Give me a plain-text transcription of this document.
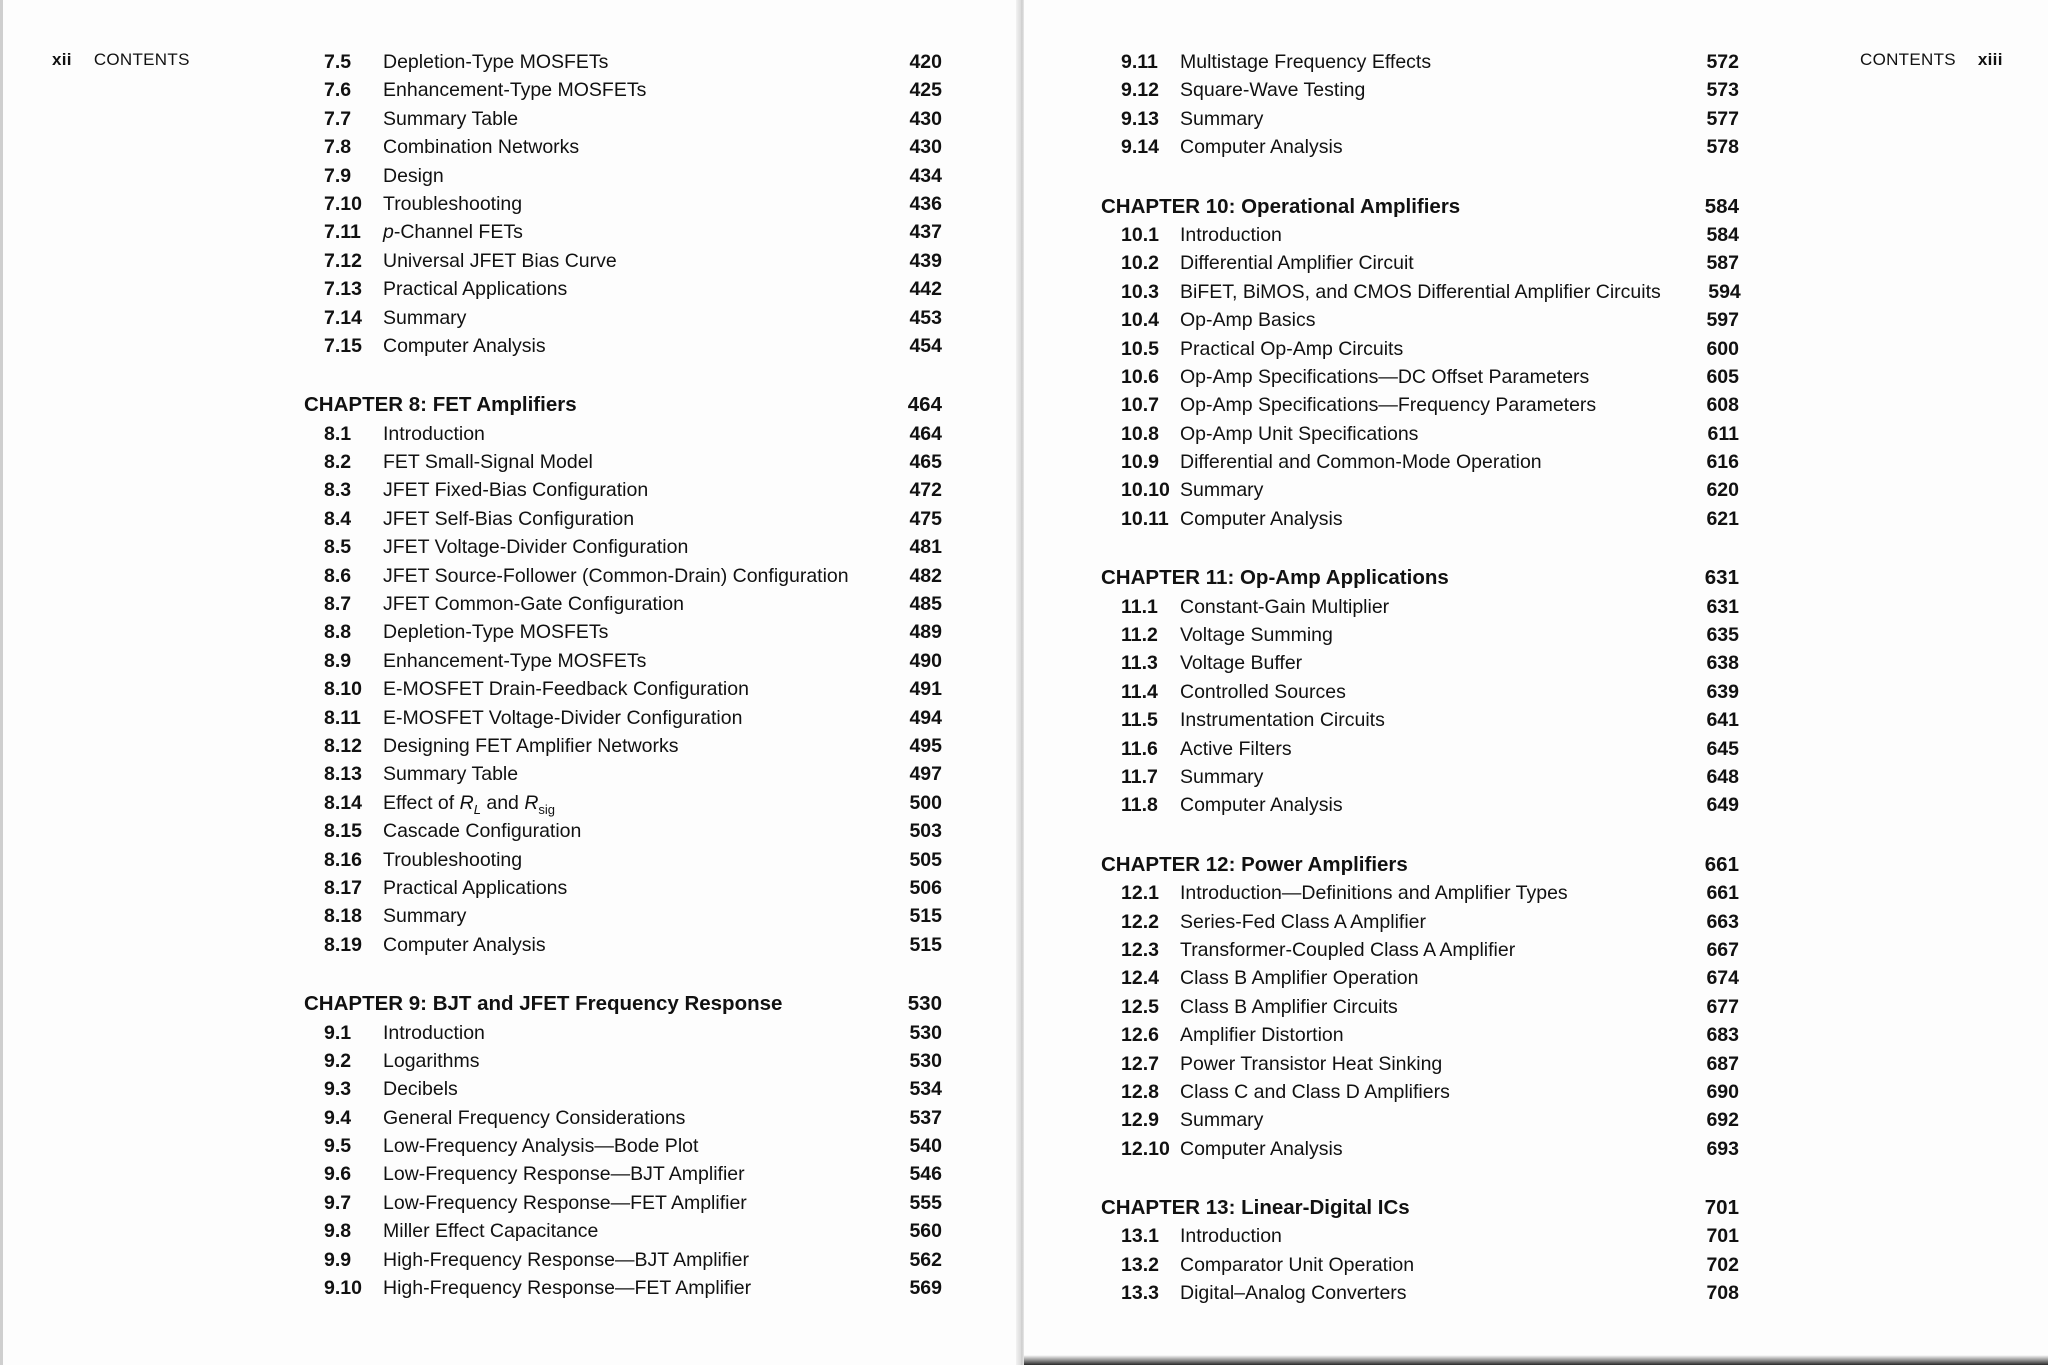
xii CONTENTS	7.5	Depletion-Type MOSFETs	420
7.6	Enhancement-Type MOSFETs	425
7.7	Summary Table	430
7.8	Combination Networks	430
7.9	Design	434
7.10	Troubleshooting	436
7.11	p-Channel FETs	437
7.12	Universal JFET Bias Curve	439
7.13	Practical Applications	442
7.14	Summary	453
7.15	Computer Analysis	454
CHAPTER 8: FET Amplifiers	464
8.1	Introduction	464
8.2	FET Small-Signal Model	465
8.3	JFET Fixed-Bias Configuration	472
8.4	JFET Self-Bias Configuration	475
8.5	JFET Voltage-Divider Configuration	481
8.6	JFET Source-Follower (Common-Drain) Configuration	482
8.7	JFET Common-Gate Configuration	485
8.8	Depletion-Type MOSFETs	489
8.9	Enhancement-Type MOSFETs	490
8.10	E-MOSFET Drain-Feedback Configuration	491
8.11	E-MOSFET Voltage-Divider Configuration	494
8.12	Designing FET Amplifier Networks	495
8.13	Summary Table	497
8.14	Effect of $R_L$ and $R_{sig}$	500
8.15	Cascade Configuration	503
8.16	Troubleshooting	505
8.17	Practical Applications	506
8.18	Summary	515
8.19	Computer Analysis	515
CHAPTER 9: BJT and JFET Frequency Response	530
9.1	Introduction	530
9.2	Logarithms	530
9.3	Decibels	534
9.4	General Frequency Considerations	537
9.5	Low-Frequency Analysis—Bode Plot	540
9.6	Low-Frequency Response—BJT Amplifier	546
9.7	Low-Frequency Response—FET Amplifier	555
9.8	Miller Effect Capacitance	560
9.9	High-Frequency Response—BJT Amplifier	562
9.10	High-Frequency Response—FET Amplifier	569
CONTENTS xiii
9.11	Multistage Frequency Effects	572
9.12	Square-Wave Testing	573
9.13	Summary	577
9.14	Computer Analysis	578
CHAPTER 10: Operational Amplifiers	584
10.1	Introduction	584
10.2	Differential Amplifier Circuit	587
10.3	BiFET, BiMOS, and CMOS Differential Amplifier Circuits	594
10.4	Op-Amp Basics	597
10.5	Practical Op-Amp Circuits	600
10.6	Op-Amp Specifications—DC Offset Parameters	605
10.7	Op-Amp Specifications—Frequency Parameters	608
10.8	Op-Amp Unit Specifications	611
10.9	Differential and Common-Mode Operation	616
10.10 Summary	620
10.11 Computer Analysis	621
CHAPTER 11: Op-Amp Applications	631
11.1	Constant-Gain Multiplier	631
11.2	Voltage Summing	635
11.3	Voltage Buffer	638
11.4	Controlled Sources	639
11.5	Instrumentation Circuits	641
11.6	Active Filters	645
11.7	Summary	648
11.8	Computer Analysis	649
CHAPTER 12: Power Amplifiers	661
12.1	Introduction—Definitions and Amplifier Types	661
12.2	Series-Fed Class A Amplifier	663
12.3	Transformer-Coupled Class A Amplifier	667
12.4	Class B Amplifier Operation	674
12.5	Class B Amplifier Circuits	677
12.6	Amplifier Distortion	683
12.7	Power Transistor Heat Sinking	687
12.8	Class C and Class D Amplifiers	690
12.9	Summary	692
12.10 Computer Analysis	693
CHAPTER 13: Linear-Digital ICs	701
13.1	Introduction	701
13.2	Comparator Unit Operation	702
13.3	Digital–Analog Converters	708
